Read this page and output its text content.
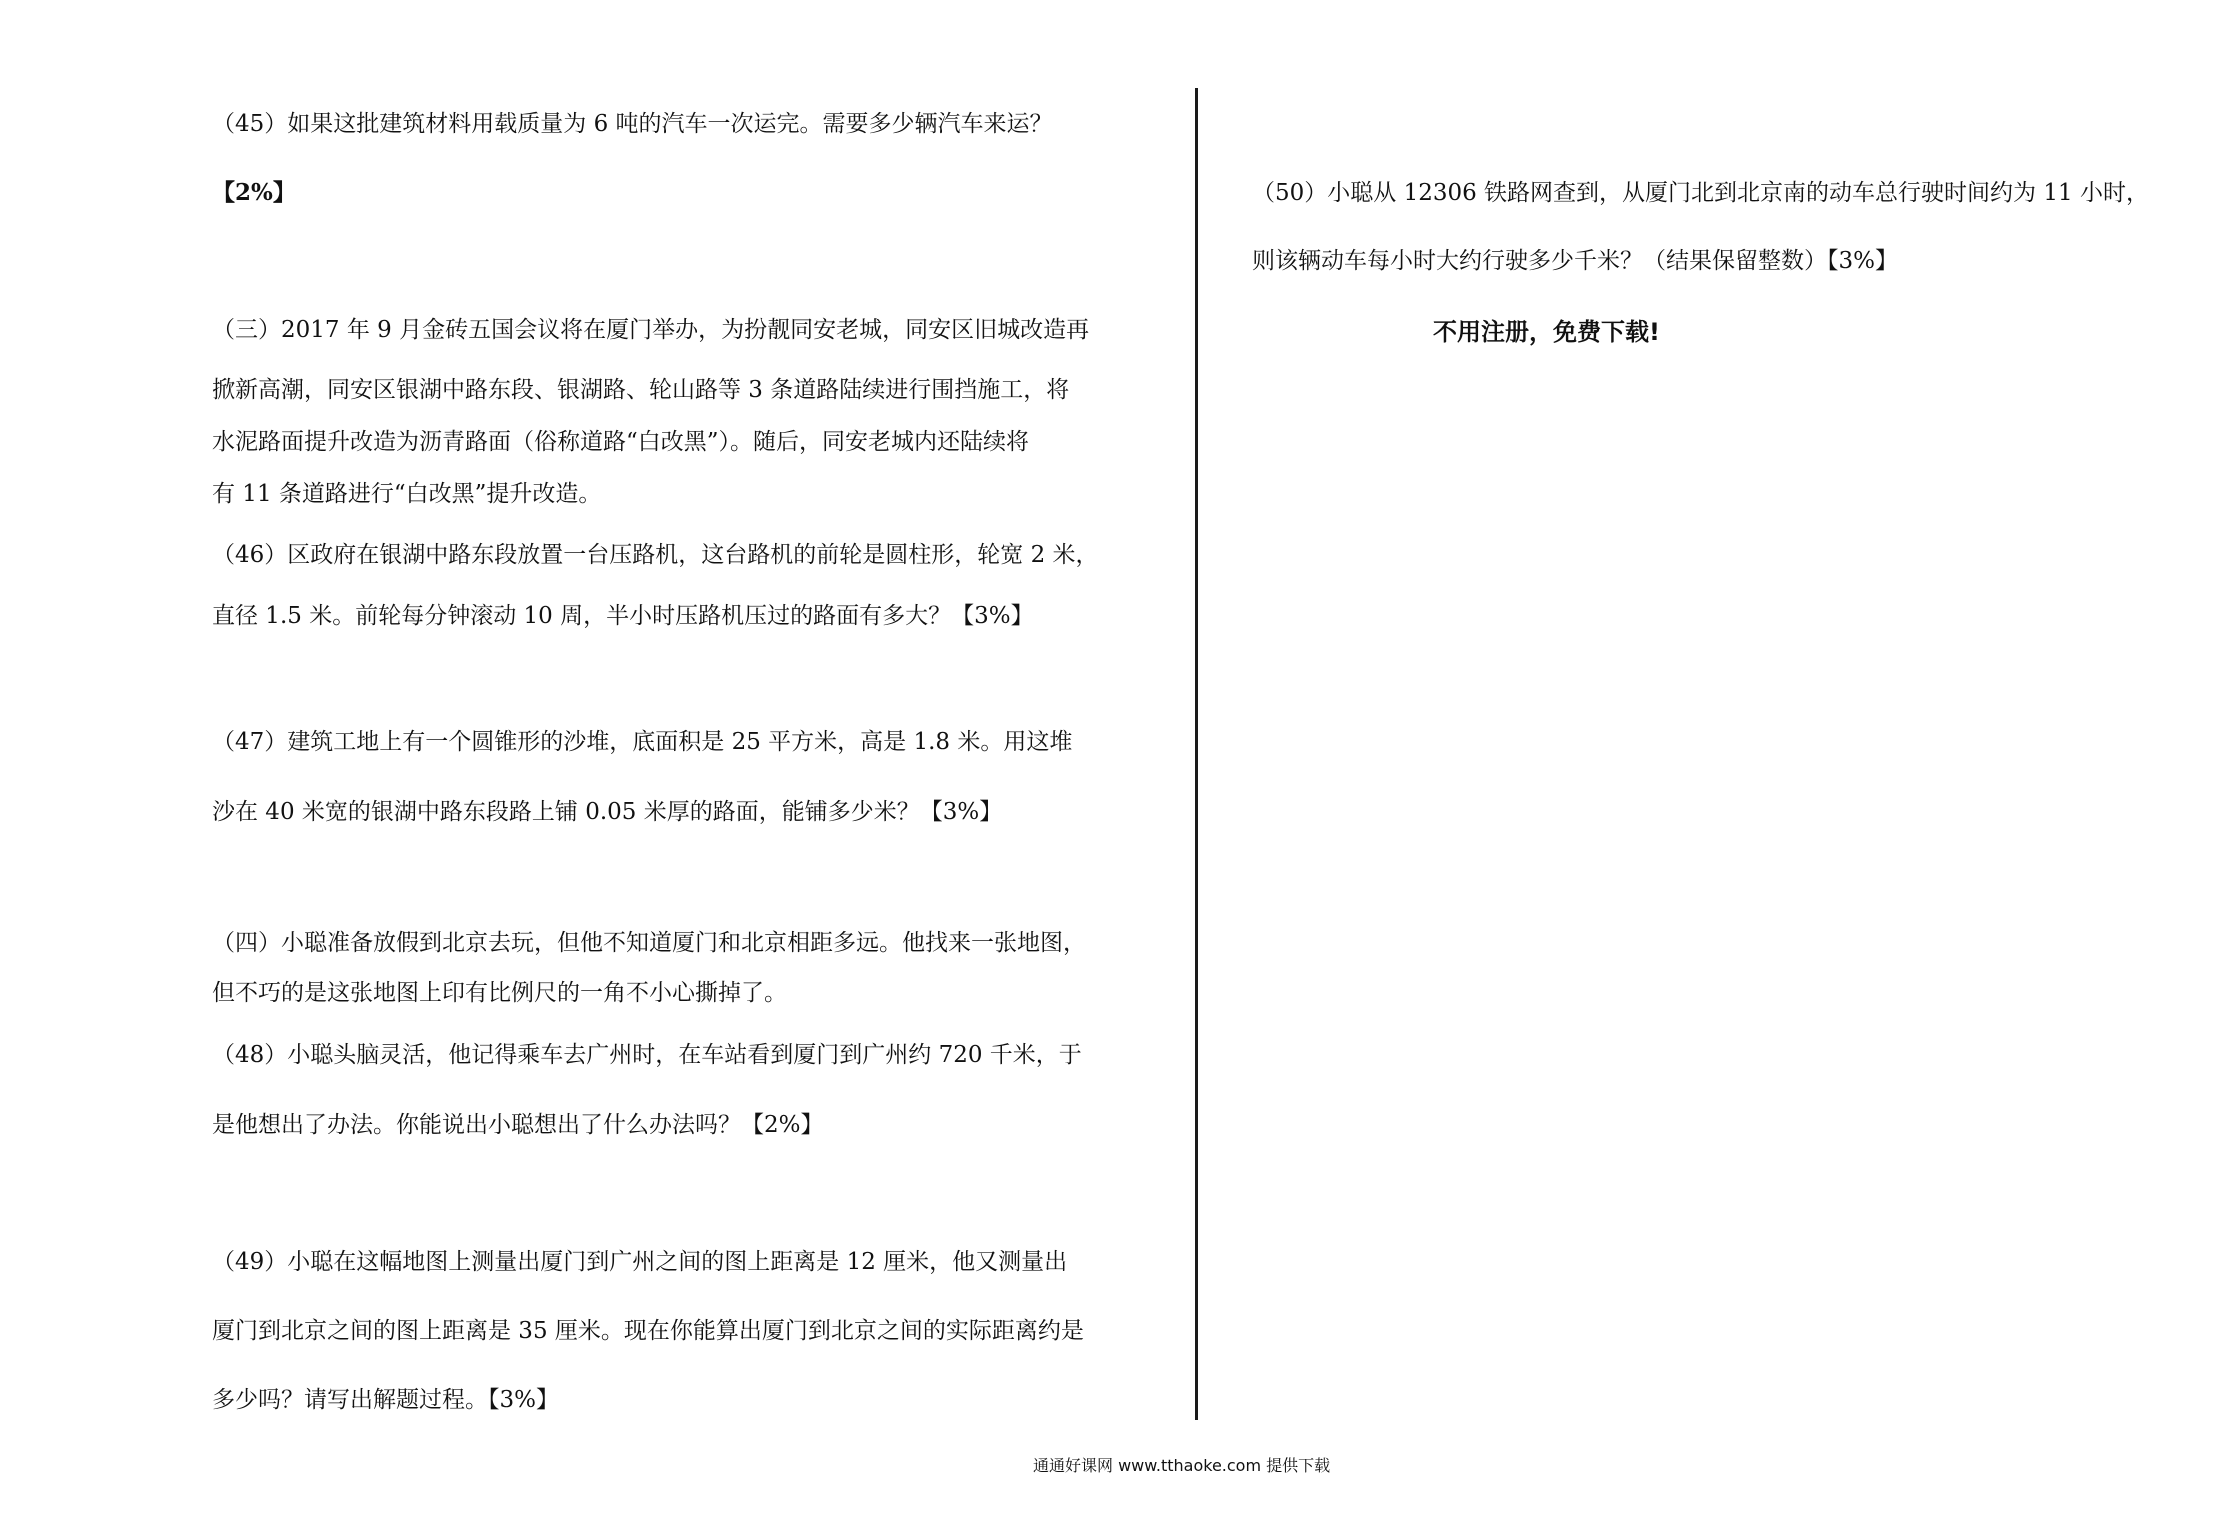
（45）如果这批建筑材料用载质量为 6 吨的汽车一次运完。需要多少辆汽车来运？
【2%】
（三）2017 年 9 月金砖五国会议将在厦门举办，为扮靓同安老城，同安区旧城改造再
掀新高潮，同安区银湖中路东段、银湖路、轮山路等 3 条道路陆续进行围挡施工，将
水泥路面提升改造为沥青路面（俗称道路“白改黑”）。随后，同安老城内还陆续将
有 11 条道路进行“白改黑”提升改造。
（46）区政府在银湖中路东段放置一台压路机，这台路机的前轮是圆柱形，轮宽 2 米，
直径 1.5 米。前轮每分钟滚动 10 周，半小时压路机压过的路面有多大？【3%】
（47）建筑工地上有一个圆锥形的沙堆，底面积是 25 平方米，高是 1.8 米。用这堆
沙在 40 米宽的银湖中路东段路上铺 0.05 米厚的路面，能铺多少米？【3%】
（四）小聪准备放假到北京去玩，但他不知道厦门和北京相距多远。他找来一张地图，
但不巧的是这张地图上印有比例尺的一角不小心撕掉了。
（48）小聪头脑灵活，他记得乘车去广州时，在车站看到厦门到广州约 720 千米，于
是他想出了办法。你能说出小聪想出了什么办法吗？【2%】
（49）小聪在这幅地图上测量出厦门到广州之间的图上距离是 12 厘米，他又测量出
厦门到北京之间的图上距离是 35 厘米。现在你能算出厦门到北京之间的实际距离约是
多少吗？请写出解题过程。【3%】
（50）小聪从 12306 铁路网查到，从厦门北到北京南的动车总行驶时间约为 11 小时，
则该辆动车每小时大约行驶多少千米？（结果保留整数）【3%】
不用注册，免费下载!
通通好课网 www.tthaoke.com 提供下载
